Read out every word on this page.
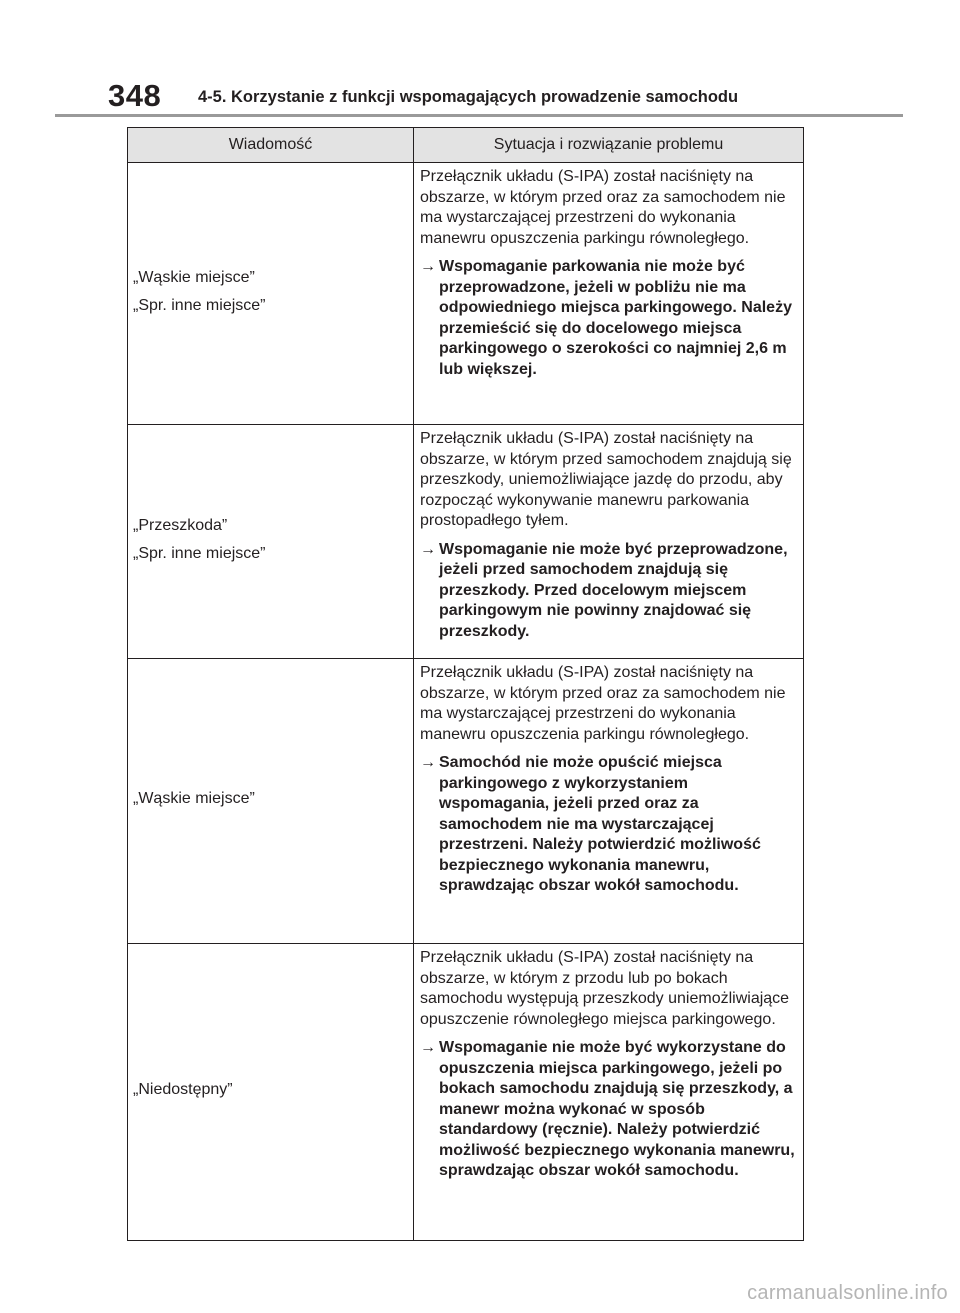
348 4-5. Korzystanie z funkcji wspomagających prowadzenie samochodu
Wiadomość	Sytuacja i rozwiązanie problemu

„Wąskie miejsce”
„Spr. inne miejsce”	Przełącznik układu (S-IPA) został naciśnięty na obszarze, w którym przed oraz za samochodem nie ma wystarczającej przestrzeni do wykonania manewru opuszczenia parkingu równoległego.
→ Wspomaganie parkowania nie może być przeprowadzone, jeżeli w pobliżu nie ma odpowiedniego miejsca parkingowego. Należy przemieścić się do docelowego miejsca parkingowego o szerokości co najmniej 2,6 m lub większej.

„Przeszkoda”
„Spr. inne miejsce”	Przełącznik układu (S-IPA) został naciśnięty na obszarze, w którym przed samochodem znajdują się przeszkody, uniemożliwiające jazdę do przodu, aby rozpocząć wykonywanie manewru parkowania prostopadłego tyłem.
→ Wspomaganie nie może być przeprowadzone, jeżeli przed samochodem znajdują się przeszkody. Przed docelowym miejscem parkingowym nie powinny znajdować się przeszkody.

„Wąskie miejsce”	Przełącznik układu (S-IPA) został naciśnięty na obszarze, w którym przed oraz za samochodem nie ma wystarczającej przestrzeni do wykonania manewru opuszczenia parkingu równoległego.
→ Samochód nie może opuścić miejsca parkingowego z wykorzystaniem wspomagania, jeżeli przed oraz za samochodem nie ma wystarczającej przestrzeni. Należy potwierdzić możliwość bezpiecznego wykonania manewru, sprawdzając obszar wokół samochodu.

„Niedostępny”	Przełącznik układu (S-IPA) został naciśnięty na obszarze, w którym z przodu lub po bokach samochodu występują przeszkody uniemożliwiające opuszczenie równoległego miejsca parkingowego.
→ Wspomaganie nie może być wykorzystane do opuszczenia miejsca parkingowego, jeżeli po bokach samochodu znajdują się przeszkody, a manewr można wykonać w sposób standardowy (ręcznie). Należy potwierdzić możliwość bezpiecznego wykonania manewru, sprawdzając obszar wokół samochodu.
carmanualsonline.info
